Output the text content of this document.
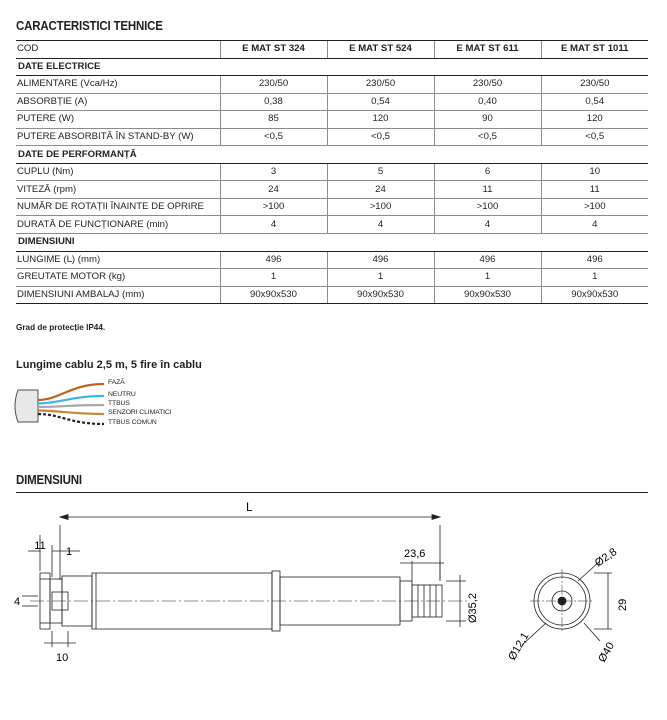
CARACTERISTICI TEHNICE
COD	E MAT ST 324	E MAT ST 524	E MAT ST 611	E MAT ST 1011
DATE ELECTRICE				
ALIMENTARE (Vca/Hz)	230/50	230/50	230/50	230/50
ABSORBȚIE (A)	0,38	0,54	0,40	0,54
PUTERE (W)	85	120	90	120
PUTERE ABSORBITĂ ÎN STAND-BY (W)	<0,5	<0,5	<0,5	<0,5
DATE DE PERFORMANȚĂ				
CUPLU (Nm)	3	5	6	10
VITEZĂ (rpm)	24	24	11	11
NUMĂR DE ROTAȚII ÎNAINTE DE OPRIRE	>100	>100	>100	>100
DURATĂ DE FUNCȚIONARE (min)	4	4	4	4
DIMENSIUNI				
LUNGIME (L) (mm)	496	496	496	496
GREUTATE MOTOR (kg)	1	1	1	1
DIMENSIUNI AMBALAJ (mm)	90x90x530	90x90x530	90x90x530	90x90x530
Grad de protecție IP44.
Lungime cablu 2,5 m, 5 fire în cablu
FAZĂ
NEUTRU
TTBUS
SENZORI CLIMATICI
TTBUS COMUN
DIMENSIUNI
L
11 1
4
10
23,6
Ø35,2
Ø2,8
29
Ø12,1	Ø40
